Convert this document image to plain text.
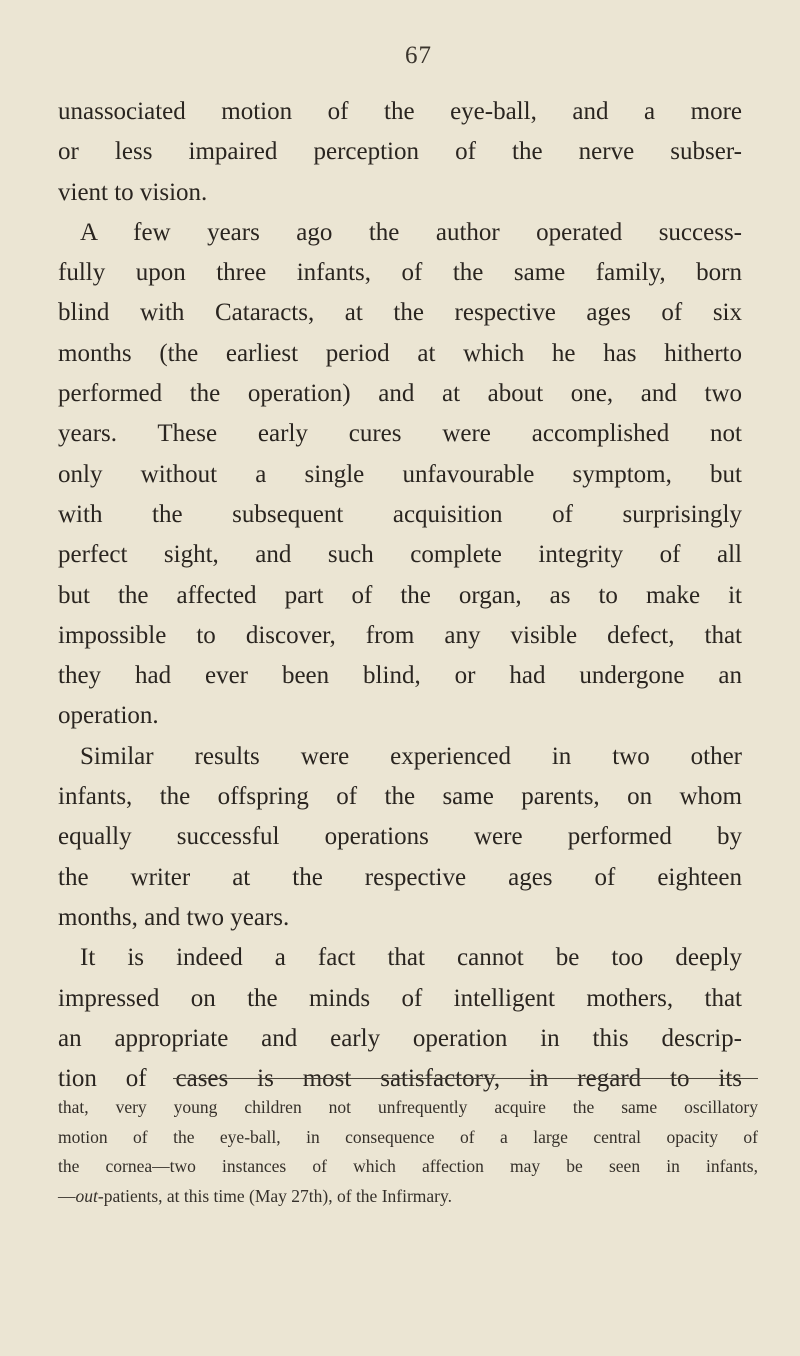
67
unassociated motion of the eye-ball, and a more
or less impaired perception of the nerve subser-
vient to vision.
A few years ago the author operated success-
fully upon three infants, of the same family, born
blind with Cataracts, at the respective ages of six
months (the earliest period at which he has hitherto
performed the operation) and at about one, and two
years. These early cures were accomplished not
only without a single unfavourable symptom, but
with the subsequent acquisition of surprisingly
perfect sight, and such complete integrity of all
but the affected part of the organ, as to make it
impossible to discover, from any visible defect, that
they had ever been blind, or had undergone an
operation.
Similar results were experienced in two other
infants, the offspring of the same parents, on whom
equally successful operations were performed by
the writer at the respective ages of eighteen
months, and two years.
It is indeed a fact that cannot be too deeply
impressed on the minds of intelligent mothers, that
an appropriate and early operation in this descrip-
tion of cases is most satisfactory, in regard to its
that, very young children not unfrequently acquire the same oscillatory
motion of the eye-ball, in consequence of a large central opacity of
the cornea—two instances of which affection may be seen in infants,
—out-patients, at this time (May 27th), of the Infirmary.
